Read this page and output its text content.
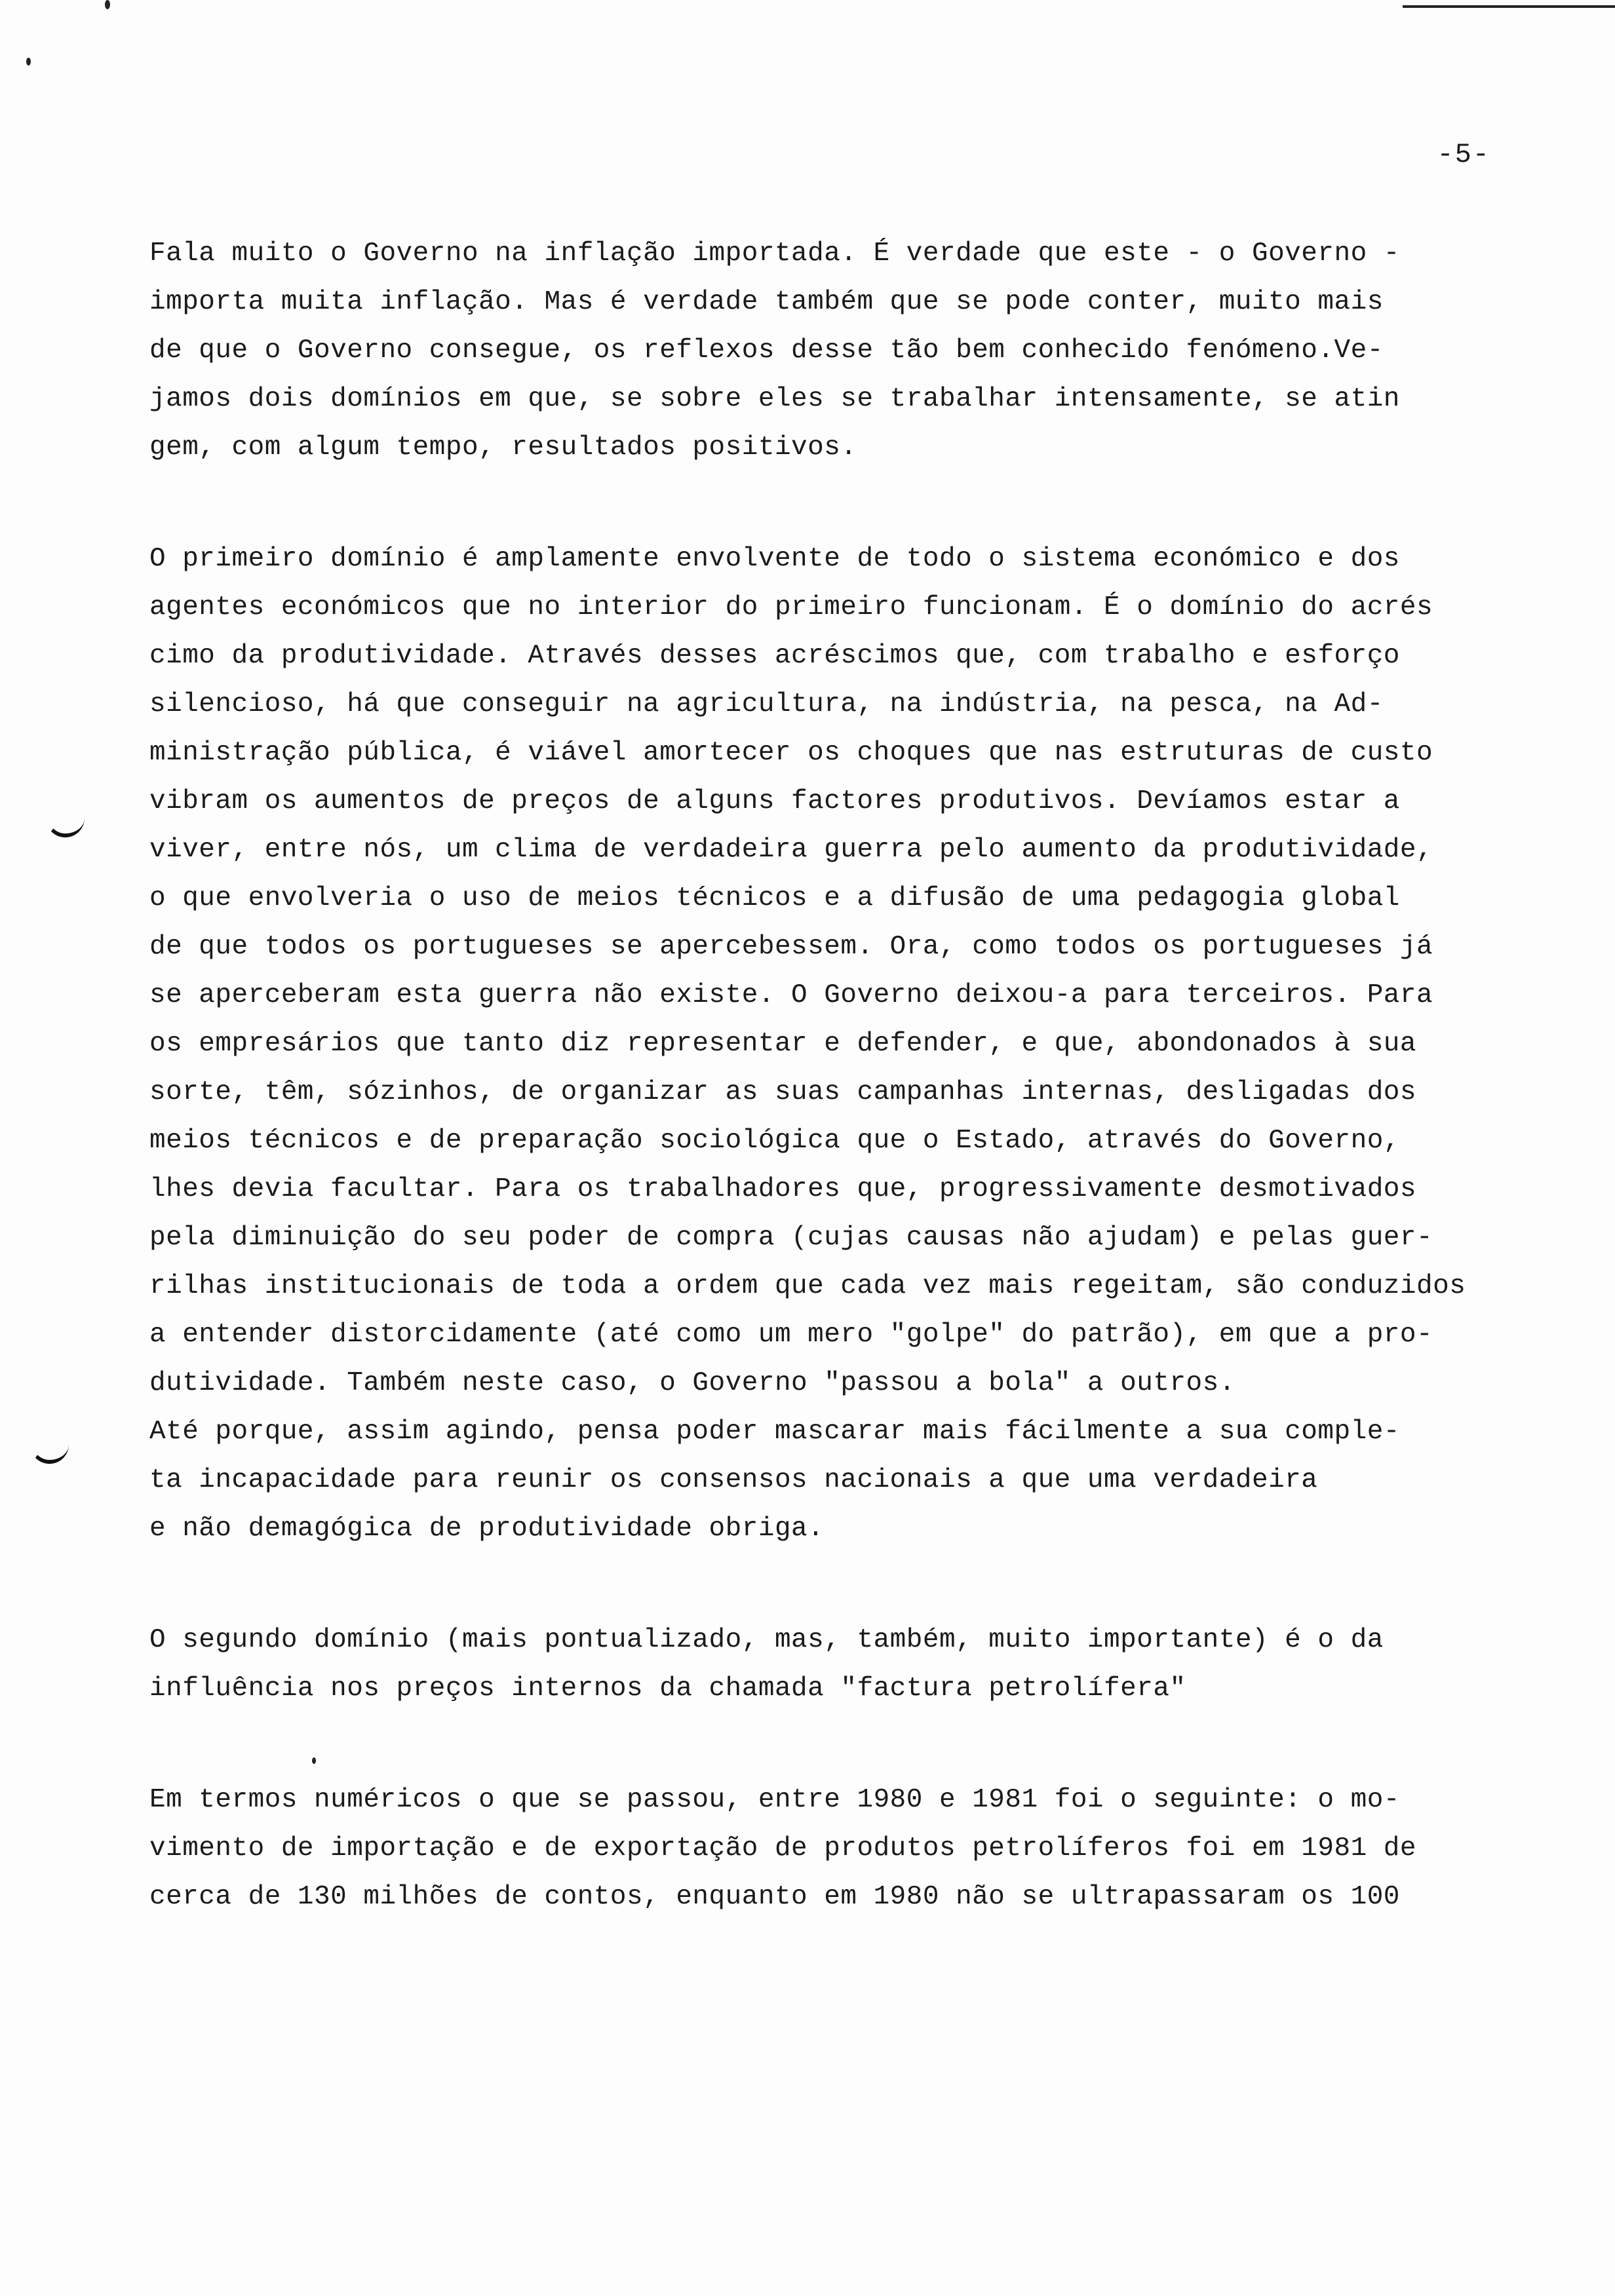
-5-

Fala muito o Governo na inflação importada. É verdade que este - o Governo -
importa muita inflação. Mas é verdade também que se pode conter, muito mais
de que o Governo consegue, os reflexos desse tão bem conhecido fenómeno.Ve-
jamos dois domínios em que, se sobre eles se trabalhar intensamente, se atin
gem, com algum tempo, resultados positivos.

O primeiro domínio é amplamente envolvente de todo o sistema económico e dos
agentes económicos que no interior do primeiro funcionam. É o domínio do acrés
cimo da produtividade. Através desses acréscimos que, com trabalho e esforço
silencioso, há que conseguir na agricultura, na indústria, na pesca, na Ad-
ministração pública, é viável amortecer os choques que nas estruturas de custo
vibram os aumentos de preços de alguns factores produtivos. Devíamos estar a
viver, entre nós, um clima de verdadeira guerra pelo aumento da produtividade,
o que envolveria o uso de meios técnicos e a difusão de uma pedagogia global
de que todos os portugueses se apercebessem. Ora, como todos os portugueses já
se aperceberam esta guerra não existe. O Governo deixou-a para terceiros. Para
os empresários que tanto diz representar e defender, e que, abondonados à sua
sorte, têm, sózinhos, de organizar as suas campanhas internas, desligadas dos
meios técnicos e de preparação sociológica que o Estado, através do Governo,
lhes devia facultar. Para os trabalhadores que, progressivamente desmotivados
pela diminuição do seu poder de compra (cujas causas não ajudam) e pelas guer-
rilhas institucionais de toda a ordem que cada vez mais regeitam, são conduzidos
a entender distorcidamente (até como um mero "golpe" do patrão), em que a pro-
dutividade. Também neste caso, o Governo "passou a bola" a outros.
Até porque, assim agindo, pensa poder mascarar mais fácilmente a sua comple-
ta incapacidade para reunir os consensos nacionais a que uma verdadeira
e não demagógica de produtividade obriga.

O segundo domínio (mais pontualizado, mas, também, muito importante) é o da
influência nos preços internos da chamada "factura petrolífera"

Em termos numéricos o que se passou, entre 1980 e 1981 foi o seguinte: o mo-
vimento de importação e de exportação de produtos petrolíferos foi em 1981 de
cerca de 130 milhões de contos, enquanto em 1980 não se ultrapassaram os 100
